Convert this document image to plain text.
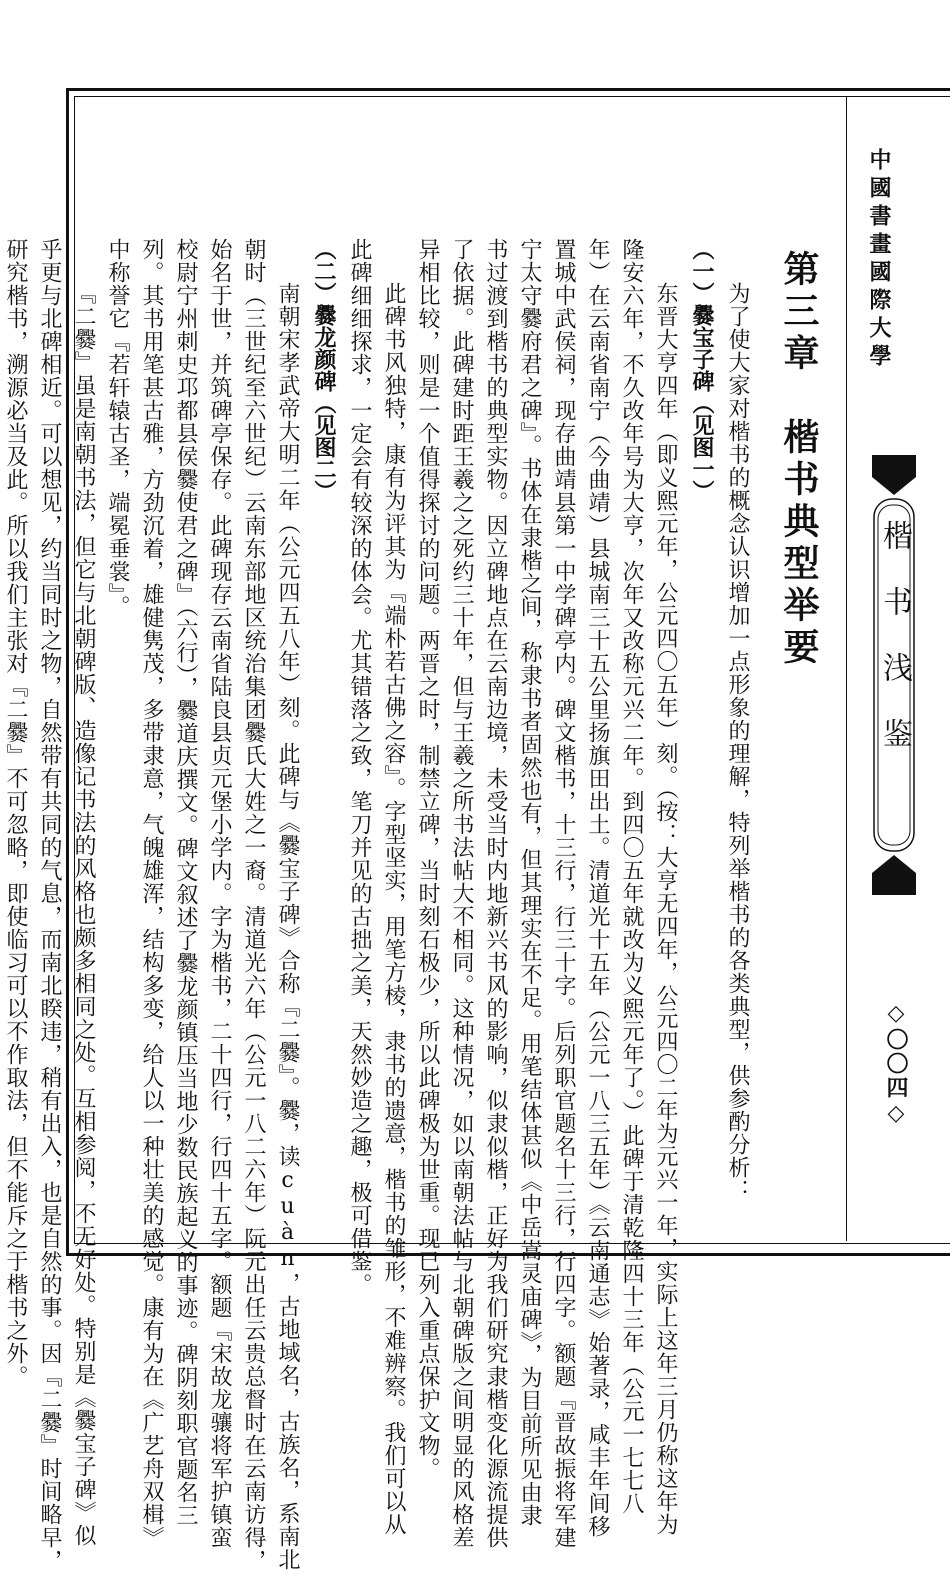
中國書畫國際大學
楷书浅鉴
◇〇〇四◇
第三章　楷书典型举要
为了使大家对楷书的概念认识增加一点形象的理解，特列举楷书的各类典型，供参酌分析：
（一）爨宝子碑（见图一）
东晋大亨四年（即义熙元年，公元四〇五年）刻。（按：大亨无四年，公元四〇二年为元兴一年，实际上这年三月仍称这年为
隆安六年，不久改年号为大亨，次年又改称元兴二年。到四〇五年就改为义熙元年了。）此碑于清乾隆四十三年（公元一七七八
年）在云南省南宁（今曲靖）县城南三十五公里扬旗田出土。清道光十五年（公元一八三五年）《云南通志》始著录，咸丰年间移
置城中武侯祠，现存曲靖县第一中学碑亭内。碑文楷书，十三行，行三十字。后列职官题名十三行，行四字。额题『晋故振将军建
宁太守爨府君之碑』。书体在隶楷之间，称隶书者固然也有，但其理实在不足。用笔结体甚似《中岳嵩灵庙碑》，为目前所见由隶
书过渡到楷书的典型实物。因立碑地点在云南边境，未受当时内地新兴书风的影响，似隶似楷，正好为我们研究隶楷变化源流提供
了依据。此碑建时距王羲之之死约三十年，但与王羲之所书法帖大不相同。这种情况，如以南朝法帖与北朝碑版之间明显的风格差
异相比较，则是一个值得探讨的问题。两晋之时，制禁立碑，当时刻石极少，所以此碑极为世重。现已列入重点保护文物。
此碑书风独特，康有为评其为『端朴若古佛之容』。字型坚实，用笔方棱，隶书的遗意，楷书的雏形，不难辨察。我们可以从
此碑细细探求，一定会有较深的体会。尤其错落之致，笔刀并见的古拙之美，天然妙造之趣，极可借鉴。
（二）爨龙颜碑（见图二）
南朝宋孝武帝大明二年（公元四五八年）刻。此碑与《爨宝子碑》合称『二爨』。爨，读cuàn，古地域名，古族名，系南北
朝时（三世纪至六世纪）云南东部地区统治集团爨氏大姓之一裔。清道光六年（公元一八二六年）阮元出任云贵总督时在云南访得，
始名于世，并筑碑亭保存。此碑现存云南省陆良县贞元堡小学内。字为楷书，二十四行，行四十五字。额题『宋故龙骧将军护镇蛮
校尉宁州刺史邛都县侯爨使君之碑』（六行），爨道庆撰文。碑文叙述了爨龙颜镇压当地少数民族起义的事迹。碑阴刻职官题名三
列。其书用笔甚古雅，方劲沉着，雄健隽茂，多带隶意，气魄雄浑，结构多变，给人以一种壮美的感觉。康有为在《广艺舟双楫》
中称誉它『若轩辕古圣，端冕垂裳』。
『二爨』虽是南朝书法，但它与北朝碑版、造像记书法的风格也颇多相同之处。互相参阅，不无好处。特别是《爨宝子碑》似
乎更与北碑相近。可以想见，约当同时之物，自然带有共同的气息，而南北睽违，稍有出入，也是自然的事。因『二爨』时间略早，
研究楷书，溯源必当及此。所以我们主张对『二爨』不可忽略，即使临习可以不作取法，但不能斥之于楷书之外。
